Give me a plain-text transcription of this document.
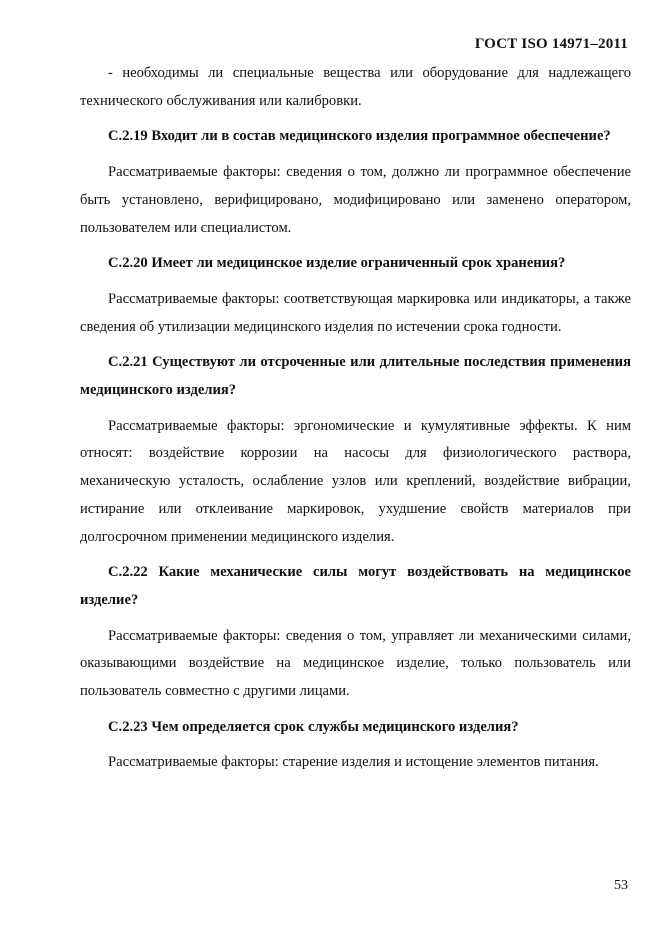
ГОСТ ISO 14971–2011

- необходимы ли специальные вещества или оборудование для надлежащего технического обслуживания или калибровки.

С.2.19 Входит ли в состав медицинского изделия программное обеспечение?

Рассматриваемые факторы: сведения о том, должно ли программное обеспечение быть установлено, верифицировано, модифицировано или заменено оператором, пользователем или специалистом.

С.2.20 Имеет ли медицинское изделие ограниченный срок хранения?

Рассматриваемые факторы: соответствующая маркировка или индикаторы, а также сведения об утилизации медицинского изделия по истечении срока годности.

С.2.21 Существуют ли отсроченные или длительные последствия применения медицинского изделия?

Рассматриваемые факторы: эргономические и кумулятивные эффекты. К ним относят: воздействие коррозии на насосы для физиологического раствора, механическую усталость, ослабление узлов или креплений, воздействие вибрации, истирание или отклеивание маркировок, ухудшение свойств материалов при долгосрочном применении медицинского изделия.

С.2.22 Какие механические силы могут воздействовать на медицинское изделие?

Рассматриваемые факторы: сведения о том, управляет ли механическими силами, оказывающими воздействие на медицинское изделие, только пользователь или пользователь совместно с другими лицами.

С.2.23 Чем определяется срок службы медицинского изделия?

Рассматриваемые факторы: старение изделия и истощение элементов питания.

53
